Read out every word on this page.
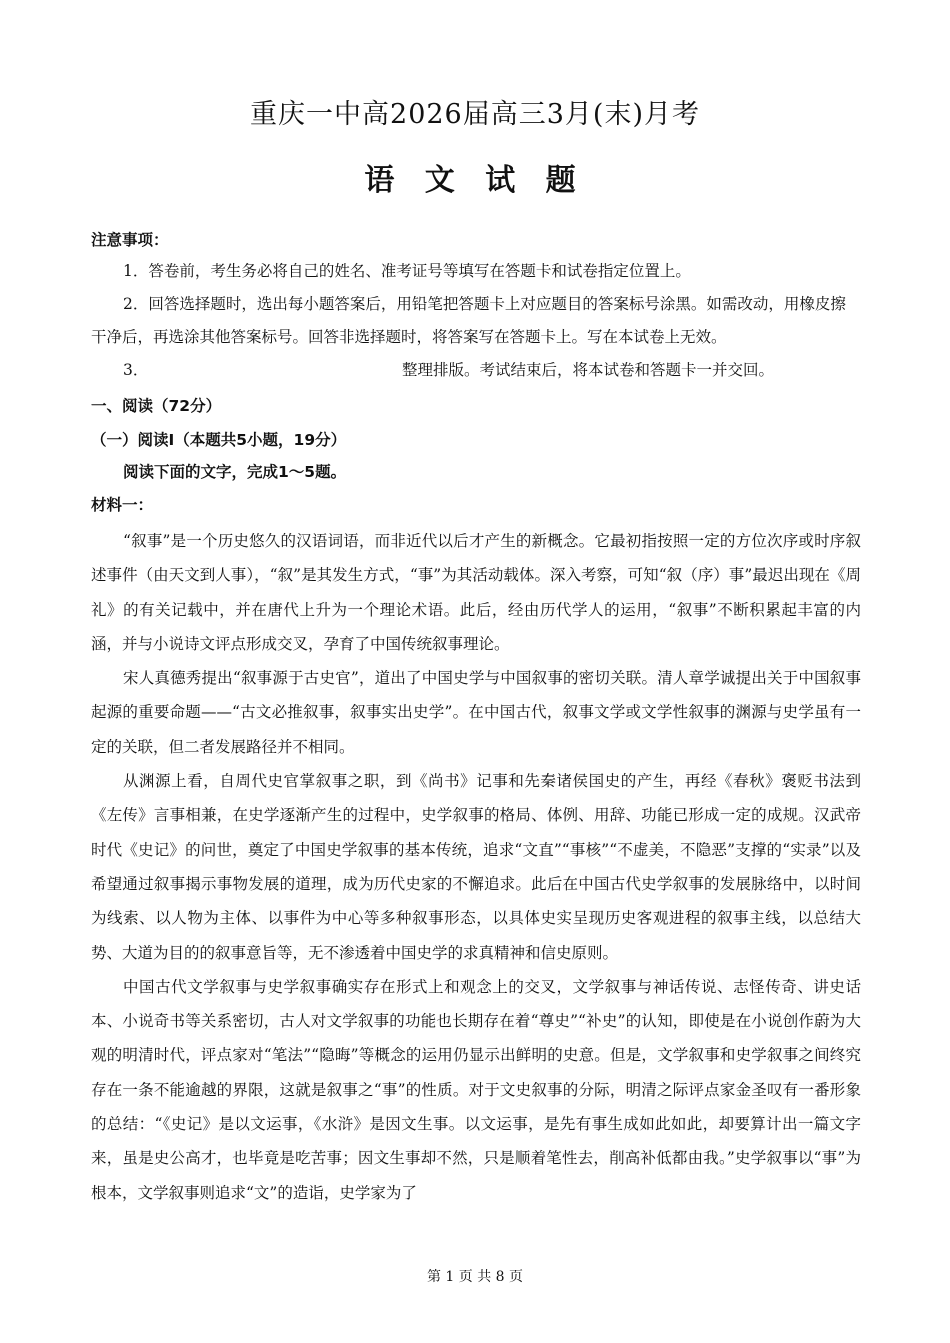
重庆一中高2026届高三3月(末)月考
语 文 试 题
注意事项：

1．答卷前，考生务必将自己的姓名、准考证号等填写在答题卡和试卷指定位置上。

2．回答选择题时，选出每小题答案后，用铅笔把答题卡上对应题目的答案标号涂黑。如需改动，用橡皮擦干净后，再选涂其他答案标号。回答非选择题时，将答案写在答题卡上。写在本试卷上无效。

3．	整理排版。考试结束后，将本试卷和答题卡一并交回。
一、阅读（72分）
（一）阅读Ⅰ（本题共5小题，19分）
阅读下面的文字，完成1～5题。
材料一：

“叙事”是一个历史悠久的汉语词语，而非近代以后才产生的新概念。它最初指按照一定的方位次序或时序叙述事件（由天文到人事），“叙”是其发生方式，“事”为其活动载体。深入考察，可知“叙（序）事”最迟出现在《周礼》的有关记载中，并在唐代上升为一个理论术语。此后，经由历代学人的运用，“叙事”不断积累起丰富的内涵，并与小说诗文评点形成交叉，孕育了中国传统叙事理论。

宋人真德秀提出“叙事源于古史官”，道出了中国史学与中国叙事的密切关联。清人章学诚提出关于中国叙事起源的重要命题——“古文必推叙事，叙事实出史学”。在中国古代，叙事文学或文学性叙事的渊源与史学虽有一定的关联，但二者发展路径并不相同。

从渊源上看，自周代史官掌叙事之职，到《尚书》记事和先秦诸侯国史的产生，再经《春秋》褒贬书法到《左传》言事相兼，在史学逐渐产生的过程中，史学叙事的格局、体例、用辞、功能已形成一定的成规。汉武帝时代《史记》的问世，奠定了中国史学叙事的基本传统，追求“文直”“事核”“不虚美，不隐恶”支撑的“实录”以及希望通过叙事揭示事物发展的道理，成为历代史家的不懈追求。此后在中国古代史学叙事的发展脉络中，以时间为线索、以人物为主体、以事件为中心等多种叙事形态，以具体史实呈现历史客观进程的叙事主线，以总结大势、大道为目的的叙事意旨等，无不渗透着中国史学的求真精神和信史原则。

中国古代文学叙事与史学叙事确实存在形式上和观念上的交叉，文学叙事与神话传说、志怪传奇、讲史话本、小说奇书等关系密切，古人对文学叙事的功能也长期存在着“尊史”“补史”的认知，即使是在小说创作蔚为大观的明清时代，评点家对“笔法”“隐晦”等概念的运用仍显示出鲜明的史意。但是，文学叙事和史学叙事之间终究存在一条不能逾越的界限，这就是叙事之“事”的性质。对于文史叙事的分际，明清之际评点家金圣叹有一番形象的总结：“《史记》是以文运事，《水浒》是因文生事。以文运事，是先有事生成如此如此，却要算计出一篇文字来，虽是史公高才，也毕竟是吃苦事；因文生事却不然，只是顺着笔性去，削高补低都由我。”史学叙事以“事”为根本，文学叙事则追求“文”的造诣，史学家为了

第 1 页 共 8 页
